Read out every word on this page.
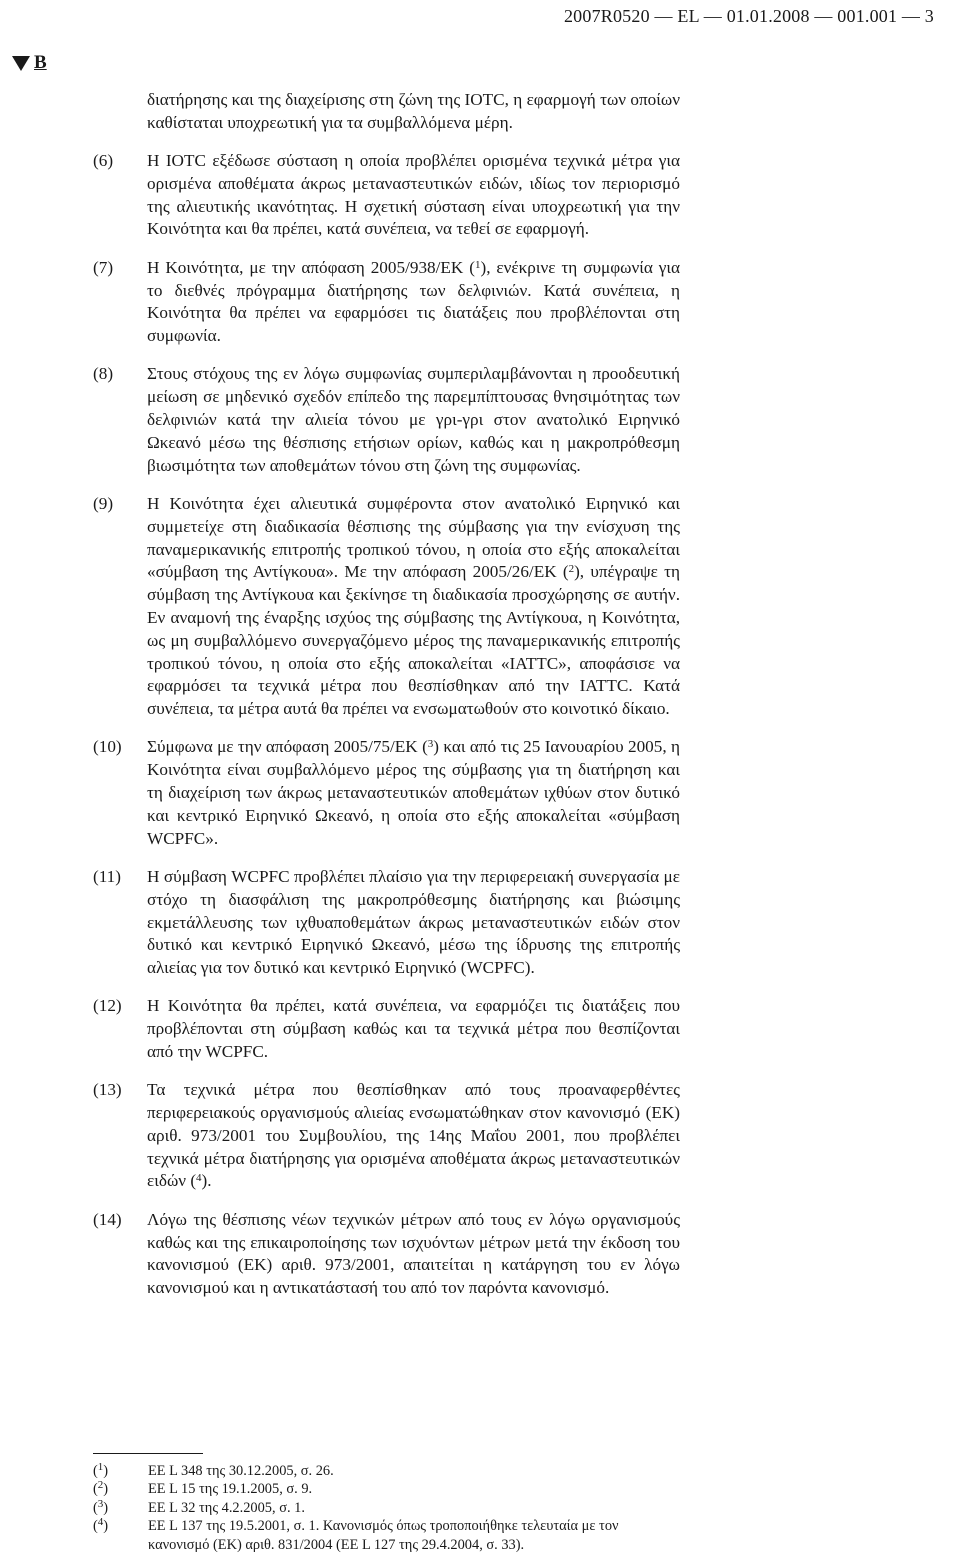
2007R0520 — EL — 01.01.2008 — 001.001 — 3
B
διατήρησης και της διαχείρισης στη ζώνη της ΙΟΤC, η εφαρμογή των οποίων καθίσταται υποχρεωτική για τα συμβαλλόμενα μέρη.
(6)	Η ΙΟΤC εξέδωσε σύσταση η οποία προβλέπει ορισμένα τεχνικά μέτρα για ορισμένα αποθέματα άκρως μεταναστευτικών ειδών, ιδίως τον περιορισμό της αλιευτικής ικανότητας. Η σχετική σύσταση είναι υποχρεωτική για την Κοινότητα και θα πρέπει, κατά συνέπεια, να τεθεί σε εφαρμογή.
(7)	Η Κοινότητα, με την απόφαση 2005/938/ΕΚ ($^1$), ενέκρινε τη συμφωνία για το διεθνές πρόγραμμα διατήρησης των δελφινιών. Κατά συνέπεια, η Κοινότητα θα πρέπει να εφαρμόσει τις διατάξεις που προβλέπονται στη συμφωνία.
(8)	Στους στόχους της εν λόγω συμφωνίας συμπεριλαμβάνονται η προοδευτική μείωση σε μηδενικό σχεδόν επίπεδο της παρεμπίπτουσας θνησιμότητας των δελφινιών κατά την αλιεία τόνου με γρι-γρι στον ανατολικό Ειρηνικό Ωκεανό μέσω της θέσπισης ετήσιων ορίων, καθώς και η μακροπρόθεσμη βιωσιμότητα των αποθεμάτων τόνου στη ζώνη της συμφωνίας.
(9)	Η Κοινότητα έχει αλιευτικά συμφέροντα στον ανατολικό Ειρηνικό και συμμετείχε στη διαδικασία θέσπισης της σύμβασης για την ενίσχυση της παναμερικανικής επιτροπής τροπικού τόνου, η οποία στο εξής αποκαλείται «σύμβαση της Αντίγκουα». Με την απόφαση 2005/26/ΕΚ ($^2$), υπέγραψε τη σύμβαση της Αντίγκουα και ξεκίνησε τη διαδικασία προσχώρησης σε αυτήν. Εν αναμονή της έναρξης ισχύος της σύμβασης της Αντίγκουα, η Κοινότητα, ως μη συμβαλλόμενο συνεργαζόμενο μέρος της παναμερικανικής επιτροπής τροπικού τόνου, η οποία στο εξής αποκαλείται «IATTC», αποφάσισε να εφαρμόσει τα τεχνικά μέτρα που θεσπίσθηκαν από την IATTC. Κατά συνέπεια, τα μέτρα αυτά θα πρέπει να ενσωματωθούν στο κοινοτικό δίκαιο.
(10)	Σύμφωνα με την απόφαση 2005/75/ΕΚ ($^3$) και από τις 25 Ιανουαρίου 2005, η Κοινότητα είναι συμβαλλόμενο μέρος της σύμβασης για τη διατήρηση και τη διαχείριση των άκρως μεταναστευτικών αποθεμάτων ιχθύων στον δυτικό και κεντρικό Ειρηνικό Ωκεανό, η οποία στο εξής αποκαλείται «σύμβαση WCPFC».
(11)	Η σύμβαση WCPFC προβλέπει πλαίσιο για την περιφερειακή συνεργασία με στόχο τη διασφάλιση της μακροπρόθεσμης διατήρησης και βιώσιμης εκμετάλλευσης των ιχθυαποθεμάτων άκρως μεταναστευτικών ειδών στον δυτικό και κεντρικό Ειρηνικό Ωκεανό, μέσω της ίδρυσης της επιτροπής αλιείας για τον δυτικό και κεντρικό Ειρηνικό (WCPFC).
(12)	Η Κοινότητα θα πρέπει, κατά συνέπεια, να εφαρμόζει τις διατάξεις που προβλέπονται στη σύμβαση καθώς και τα τεχνικά μέτρα που θεσπίζονται από την WCPFC.
(13)	Τα τεχνικά μέτρα που θεσπίσθηκαν από τους προαναφερθέντες περιφερειακούς οργανισμούς αλιείας ενσωματώθηκαν στον κανονισμό (ΕΚ) αριθ. 973/2001 του Συμβουλίου, της 14ης Μαΐου 2001, που προβλέπει τεχνικά μέτρα διατήρησης για ορισμένα αποθέματα άκρως μεταναστευτικών ειδών ($^4$).
(14)	Λόγω της θέσπισης νέων τεχνικών μέτρων από τους εν λόγω οργανισμούς καθώς και της επικαιροποίησης των ισχυόντων μέτρων μετά την έκδοση του κανονισμού (ΕΚ) αριθ. 973/2001, απαιτείται η κατάργηση του εν λόγω κανονισμού και η αντικατάστασή του από τον παρόντα κανονισμό.
($^1$)	ΕΕ L 348 της 30.12.2005, σ. 26.
($^2$)	ΕΕ L 15 της 19.1.2005, σ. 9.
($^3$)	ΕΕ L 32 της 4.2.2005, σ. 1.
($^4$)	ΕΕ L 137 της 19.5.2001, σ. 1. Κανονισμός όπως τροποποιήθηκε τελευταία με τον κανονισμό (ΕΚ) αριθ. 831/2004 (ΕΕ L 127 της 29.4.2004, σ. 33).
